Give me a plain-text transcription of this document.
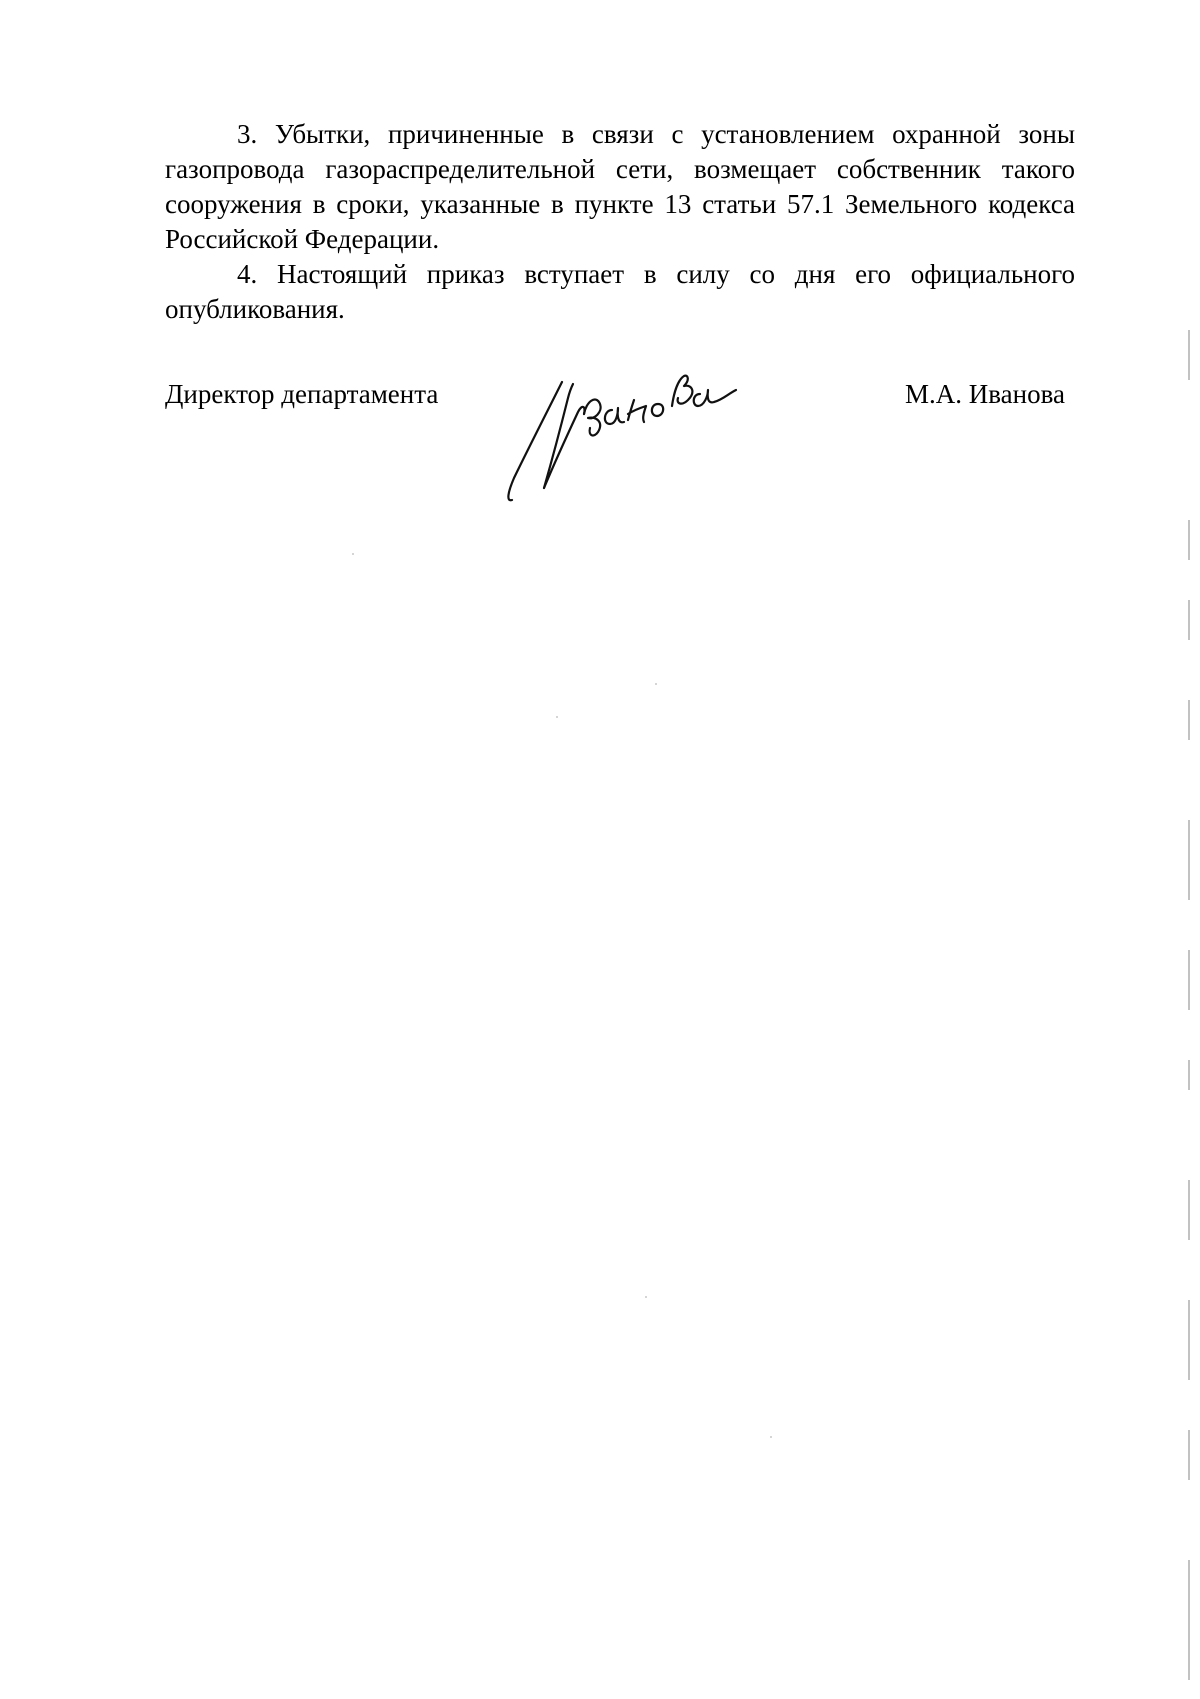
3. Убытки, причиненные в связи с установлением охранной зоны газопровода газораспределительной сети, возмещает собственник такого сооружения в сроки, указанные в пункте 13 статьи 57.1 Земельного кодекса Российской Федерации.

4. Настоящий приказ вступает в силу со дня его официального опубликования.

Директор департамента	М.А. Иванова
